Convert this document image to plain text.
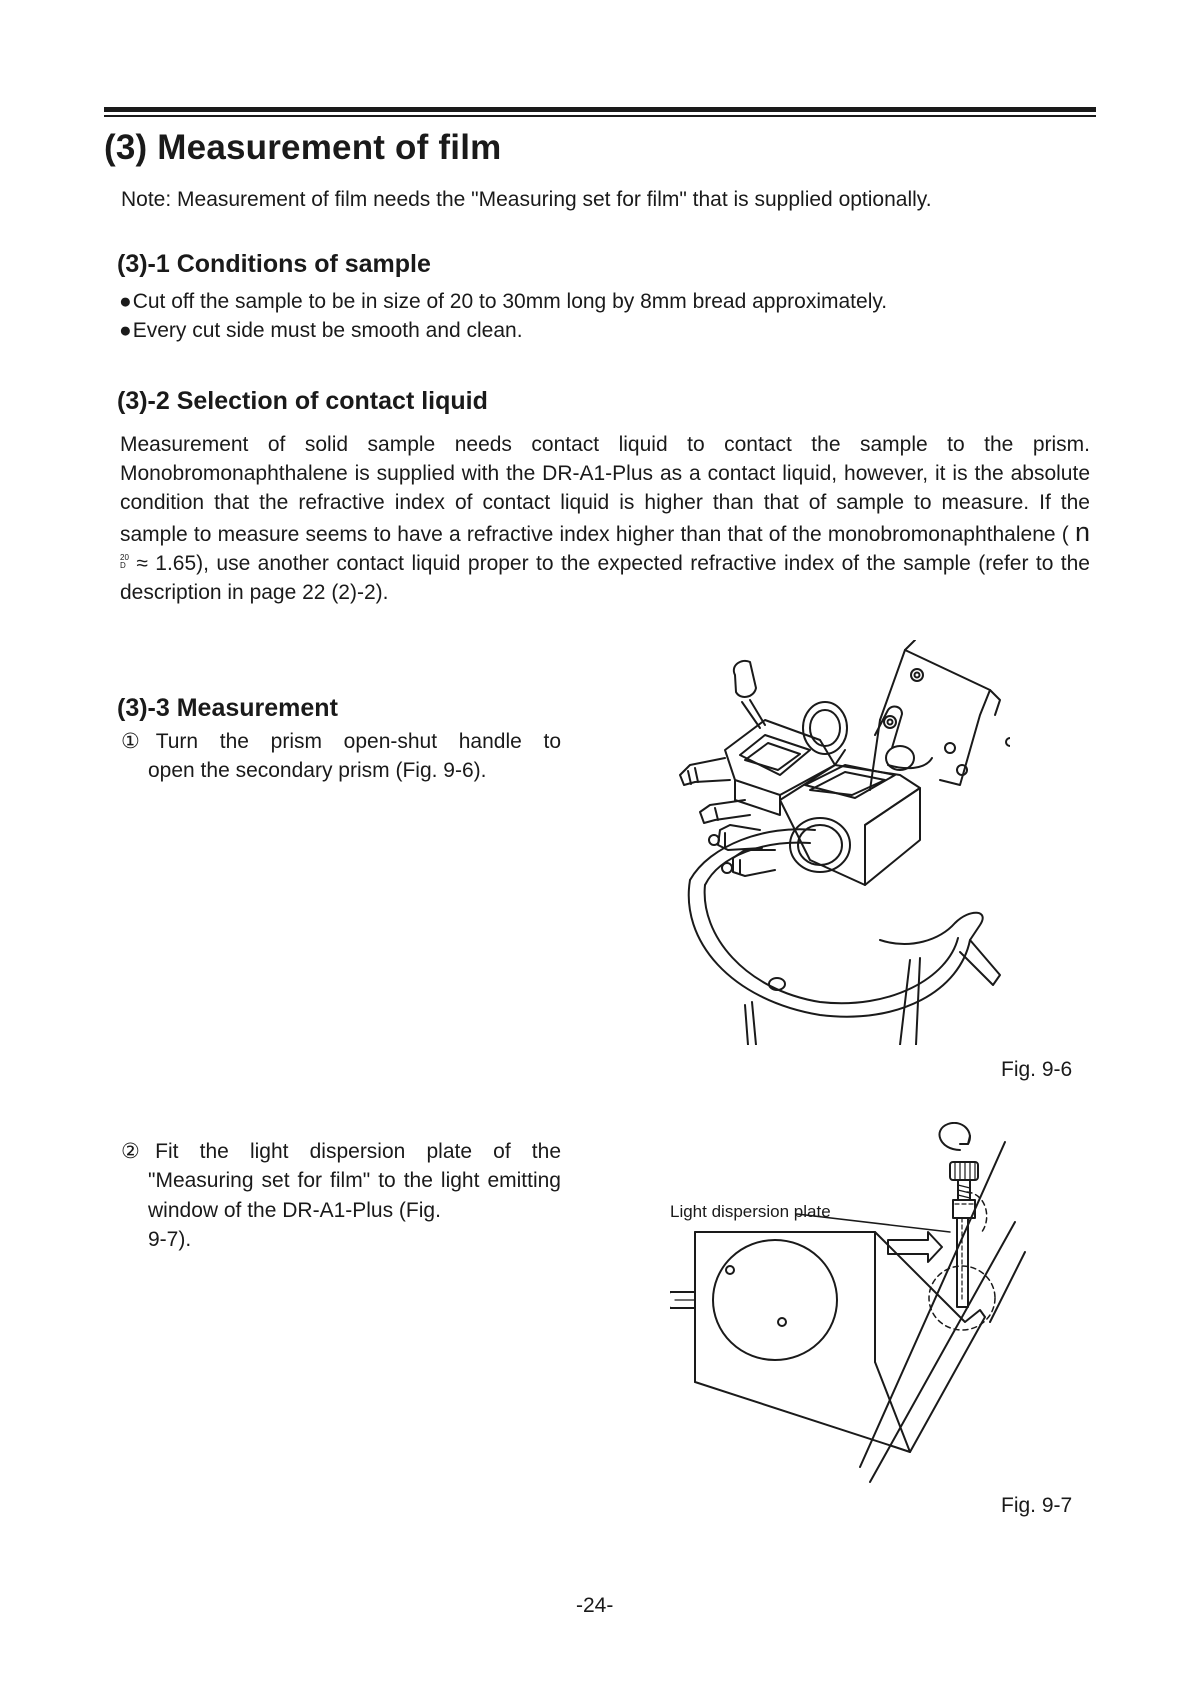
(3) Measurement of film

Note: Measurement of film needs the "Measuring set for film" that is supplied optionally.

(3)-1 Conditions of sample

●Cut off the sample to be in size of 20 to 30mm long by 8mm bread approximately.

●Every cut side must be smooth and clean.

(3)-2 Selection of contact liquid

Measurement of solid sample needs contact liquid to contact the sample to the prism. Monobromonaphthalene is supplied with the DR-A1-Plus as a contact liquid, however, it is the absolute condition that the refractive index of contact liquid is higher than that of sample to measure. If the sample to measure seems to have a refractive index higher than that of the monobromonaphthalene ( n20
D ≈ 1.65), use another contact liquid proper to the expected refractive index of the sample (refer to the description in page 22 (2)-2).

(3)-3 Measurement
①Turn the prism open-shut handle to
open the secondary prism (Fig. 9-6).
②Fit the light dispersion plate of the
"Measuring set for film" to the light emitting window of the DR-A1-Plus (Fig.
9-7).

Fig. 9-6

Light dispersion plate

Fig. 9-7

-24-
